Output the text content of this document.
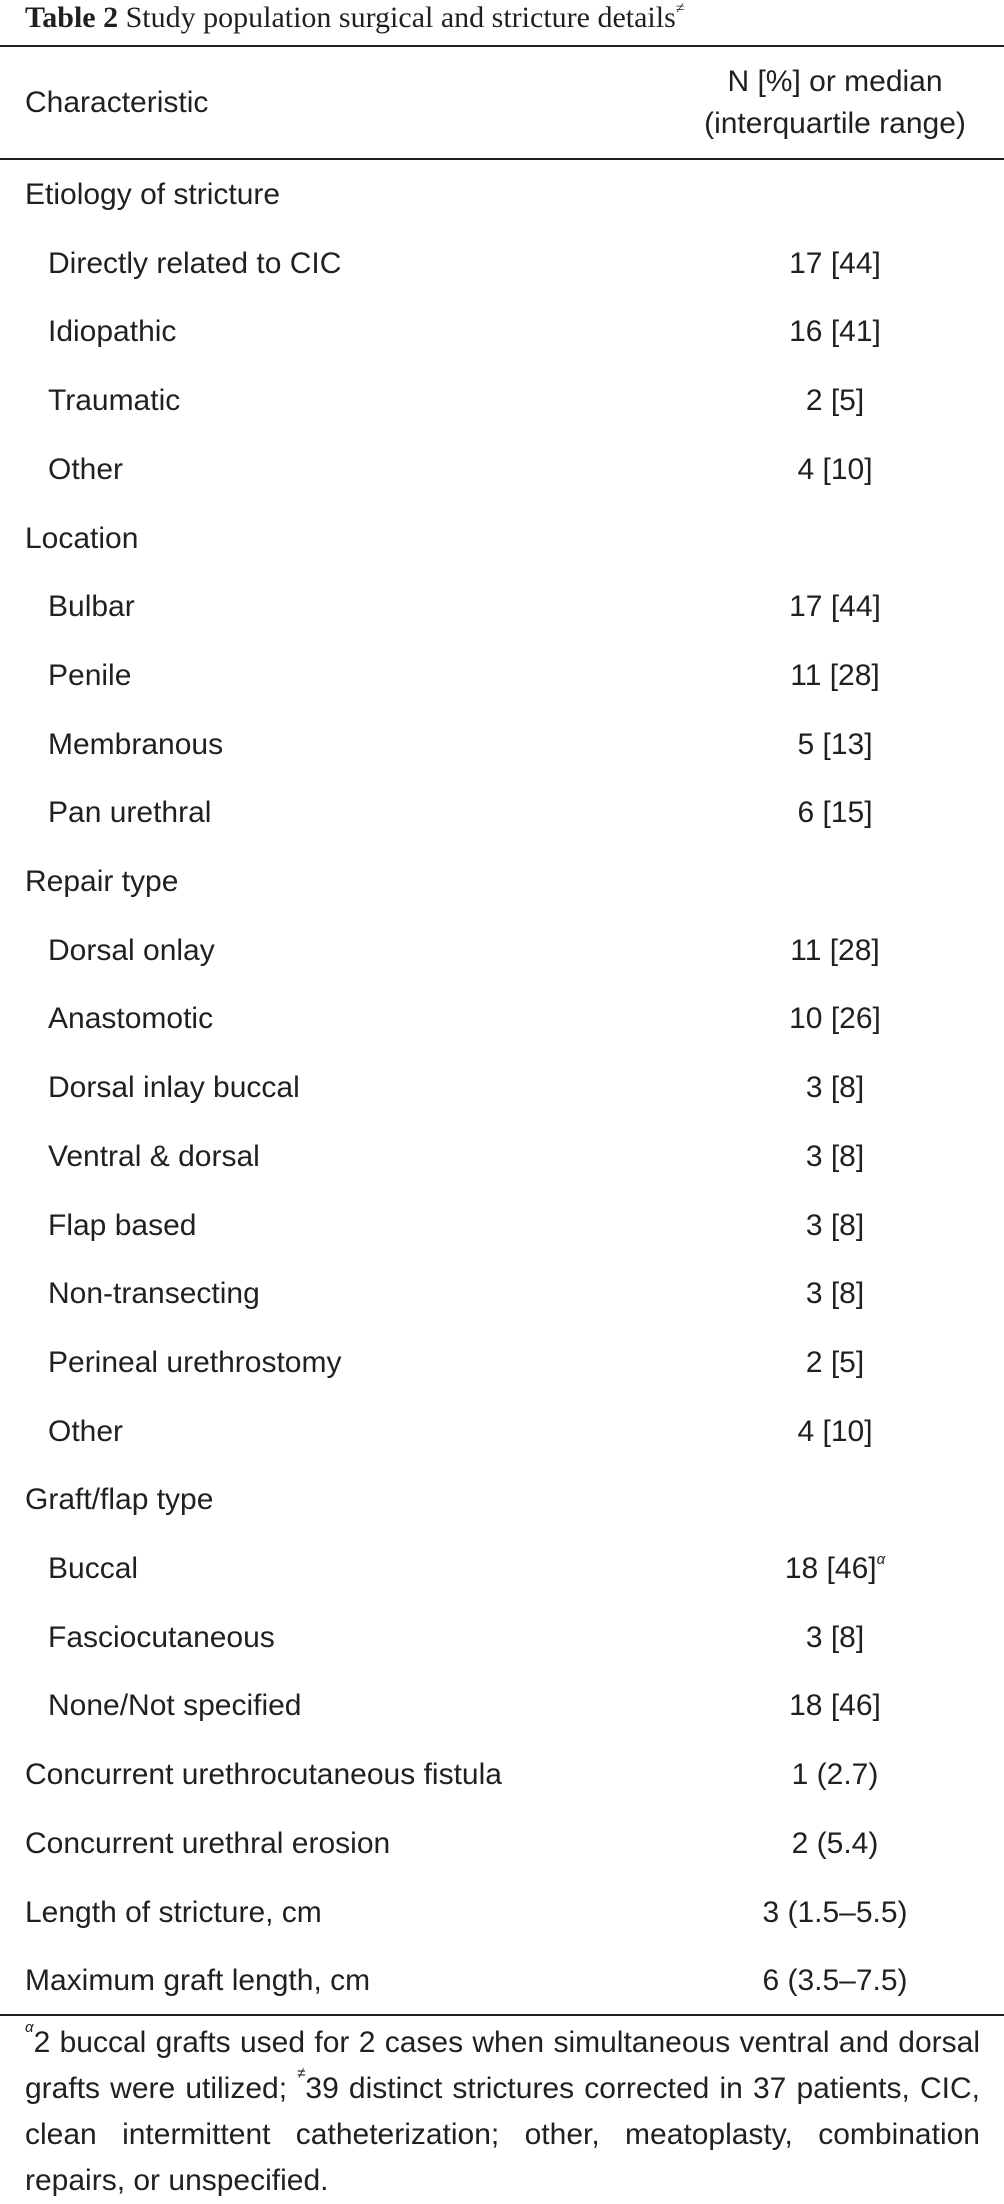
Table 2 Study population surgical and stricture details≠
Characteristic
N [%] or median
(interquartile range)
Etiology of stricture
Directly related to CIC	17 [44]
Idiopathic	16 [41]
Traumatic	2 [5]
Other	4 [10]
Location
Bulbar	17 [44]
Penile	11 [28]
Membranous	5 [13]
Pan urethral	6 [15]
Repair type
Dorsal onlay	11 [28]
Anastomotic	10 [26]
Dorsal inlay buccal	3 [8]
Ventral & dorsal	3 [8]
Flap based	3 [8]
Non-transecting	3 [8]
Perineal urethrostomy	2 [5]
Other	4 [10]
Graft/flap type
Buccal	18 $[46]^\alpha$
Fasciocutaneous	3 [8]
None/Not specified	18 [46]
Concurrent urethrocutaneous fistula	1 (2.7)
Concurrent urethral erosion	2 (5.4)
Length of stricture, cm	3 (1.5–5.5)
Maximum graft length, cm	6 (3.5–7.5)
$^\alpha$2 buccal grafts used for 2 cases when simultaneous ventral and dorsal grafts were utilized; ≠39 distinct strictures corrected in 37 patients, CIC, clean intermittent catheterization; other, meatoplasty, combination repairs, or unspecified.
